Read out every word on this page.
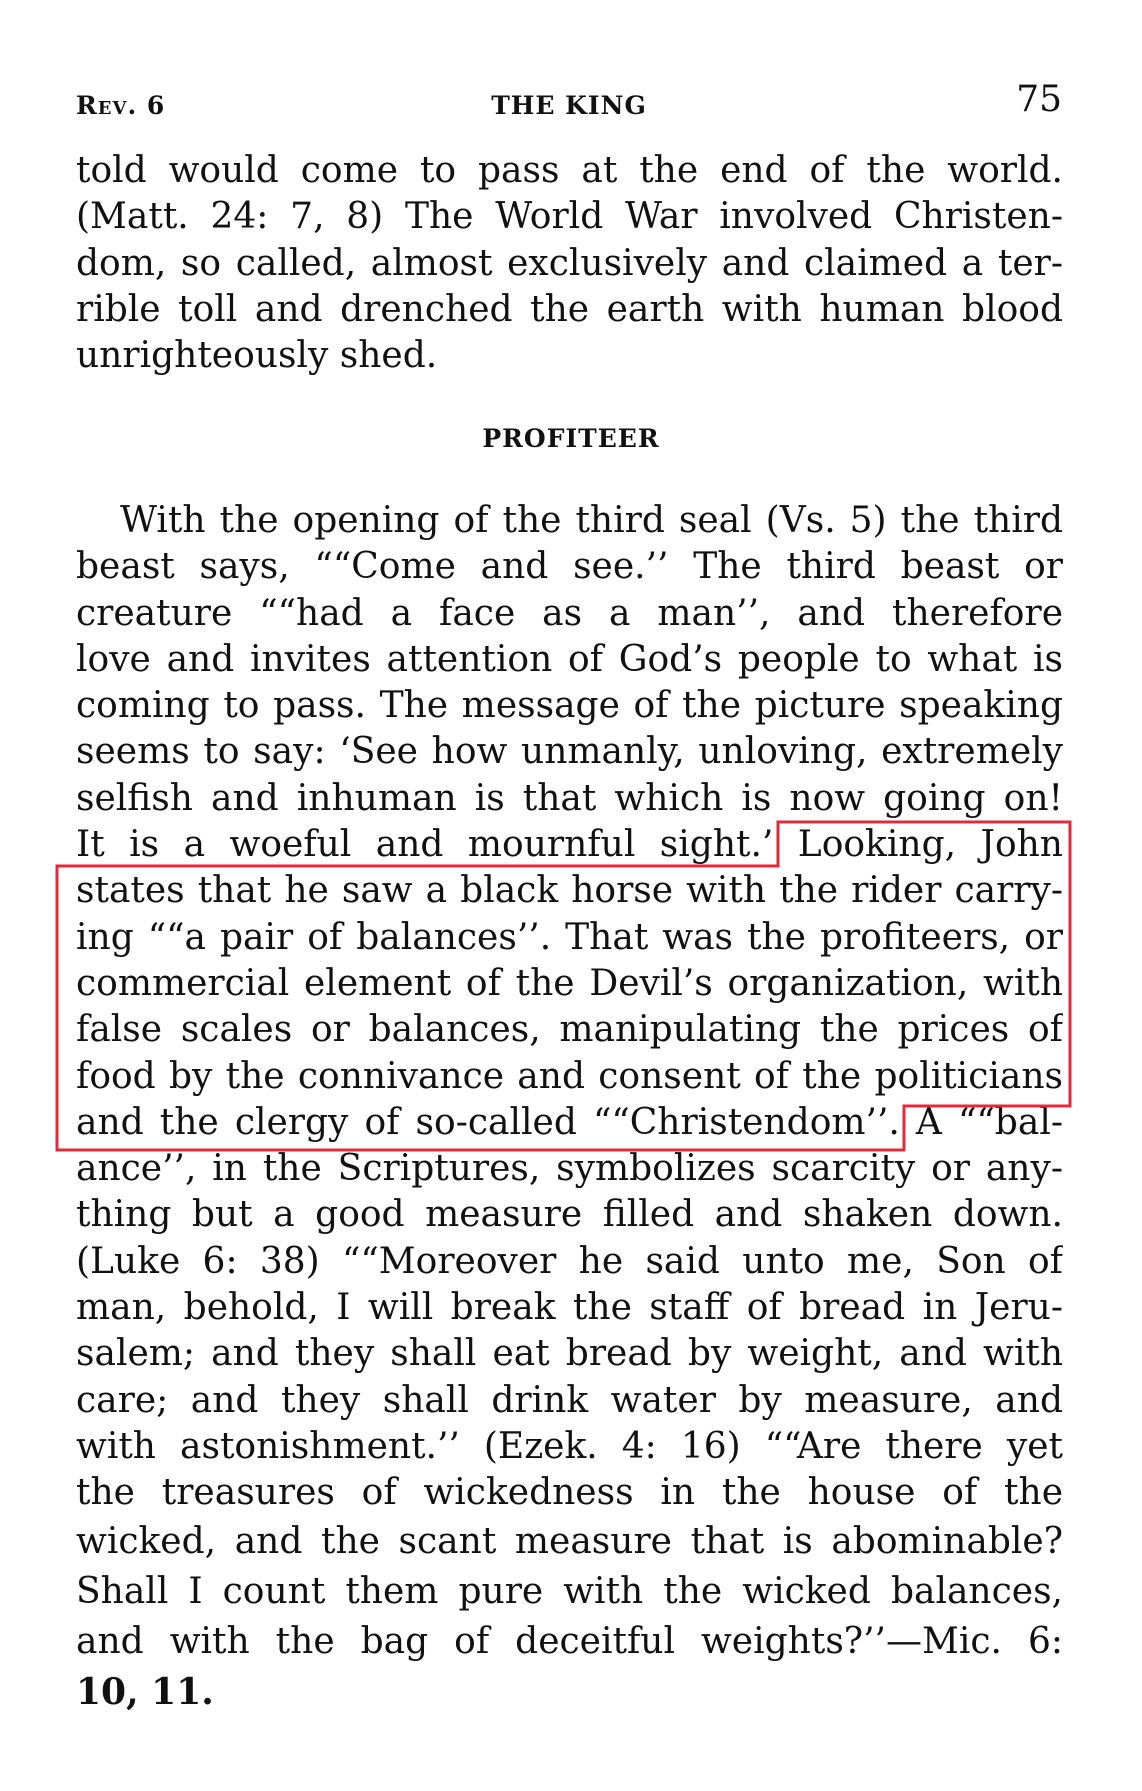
Rev. 6	THE KING	75
told would come to pass at the end of the world.
(Matt. 24: 7, 8) The World War involved Christen-
dom, so called, almost exclusively and claimed a ter-
rible toll and drenched the earth with human blood
unrighteously shed.
PROFITEER
With the opening of the third seal (Vs. 5) the third
beast says, ““Come and see.’’ The third beast or
creature ““had a face as a man’’, and therefore
love and invites attention of God’s people to what is
coming to pass. The message of the picture speaking
seems to say: ‘See how unmanly, unloving, extremely
selfish and inhuman is that which is now going on!
It is a woeful and mournful sight.’ Looking, John
states that he saw a black horse with the rider carry-
ing ““a pair of balances’’. That was the profiteers, or
commercial element of the Devil’s organization, with
false scales or balances, manipulating the prices of
food by the connivance and consent of the politicians
and the clergy of so-called ““Christendom’’. A ““bal-
ance’’, in the Scriptures, symbolizes scarcity or any-
thing but a good measure filled and shaken down.
(Luke 6: 38) ““Moreover he said unto me, Son of
man, behold, I will break the staff of bread in Jeru-
salem; and they shall eat bread by weight, and with
care; and they shall drink water by measure, and
with astonishment.’’ (Ezek. 4: 16) ““Are there yet
the treasures of wickedness in the house of the
wicked, and the scant measure that is abominable?
Shall I count them pure with the wicked balances,
and with the bag of deceitful weights?’’—Mic. 6:
10, 11.
